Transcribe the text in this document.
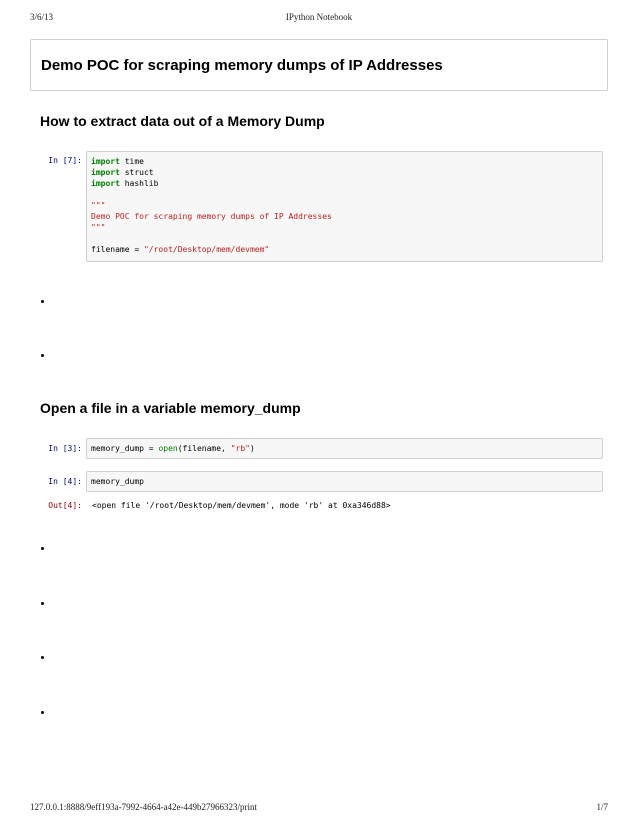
3/6/13	IPython Notebook
Demo POC for scraping memory dumps of IP Addresses
How to extract data out of a Memory Dump
In [7]: import time
import struct
import hashlib
"""
Demo POC for scraping memory dumps of IP Addresses
"""
filename = "/root/Desktop/mem/devmem"
Open a file in a variable memory_dump
In [3]: memory_dump = open(filename, "rb")
In [4]: memory_dump
Out[4]: <open file '/root/Desktop/mem/devmem', mode 'rb' at 0xa346d88>
127.0.0.1:8888/9eff193a-7992-4664-a42e-449b27966323/print	1/7
